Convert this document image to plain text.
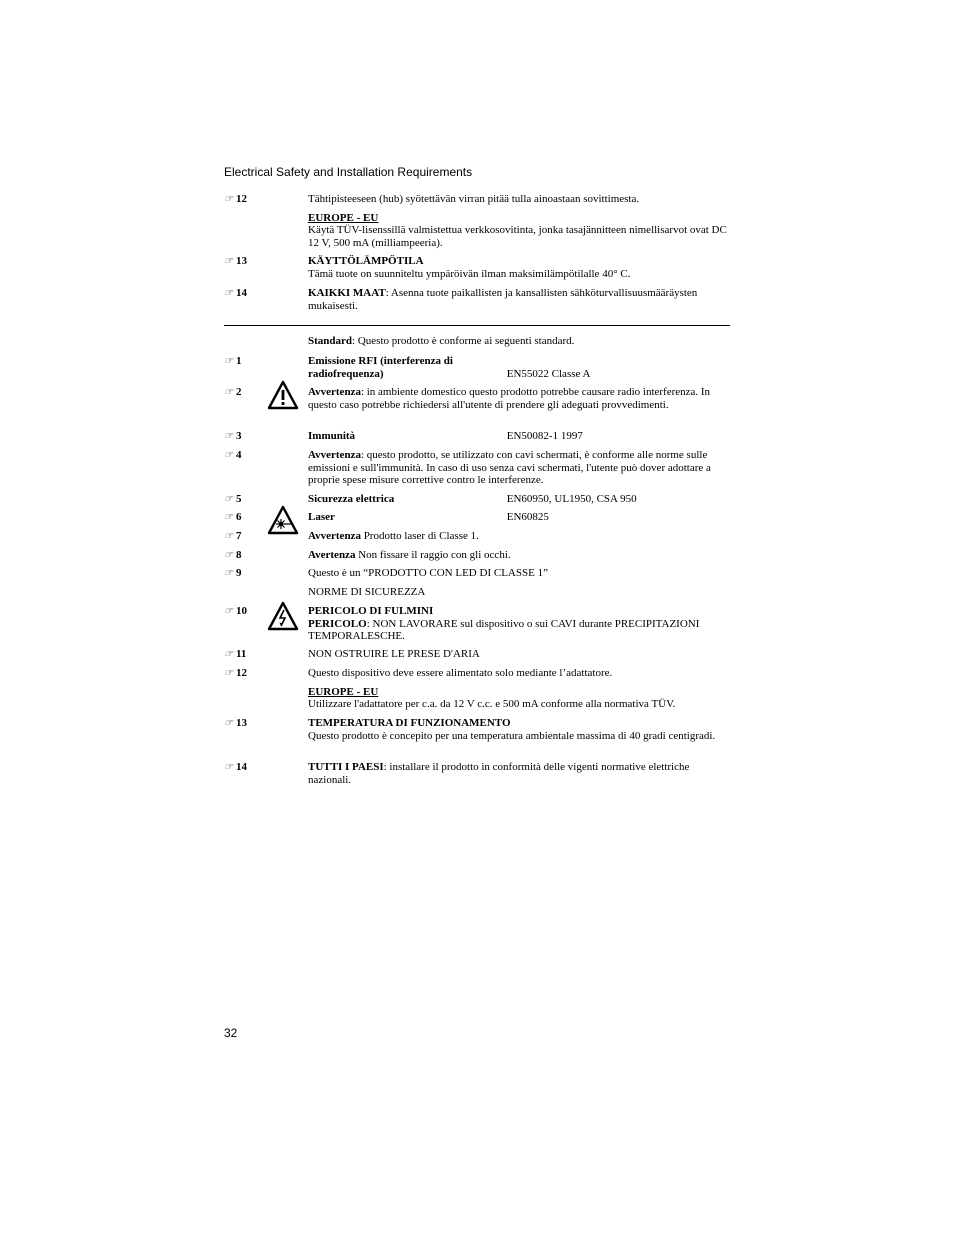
Electrical Safety and Installation Requirements
☞ 12	Tähtipisteeseen (hub) syötettävän virran pitää tulla ainoastaan sovittimesta.
EUROPE - EU
Käytä TÜV-lisenssillä valmistettua verkkosovitinta, jonka tasajännitteen nimellisarvot ovat DC 12 V, 500 mA (milliampeeria).
☞ 13	KÄYTTÖLÄMPÖTILA
Tämä tuote on suunniteltu ympäröivän ilman maksimilämpötilalle 40° C.
☞ 14	KAIKKI MAAT: Asenna tuote paikallisten ja kansallisten sähköturvallisuusmääräysten mukaisesti.
Standard: Questo prodotto è conforme ai seguenti standard.
☞ 1	Emissione RFI (interferenza di radiofrequenza)	EN55022 Classe A
☞ 2	Avvertenza: in ambiente domestico questo prodotto potrebbe causare radio interferenza. In questo caso potrebbe richiedersi all'utente di prendere gli adeguati provvedimenti.
☞ 3	Immunità	EN50082-1 1997
☞ 4	Avvertenza: questo prodotto, se utilizzato con cavi schermati, è conforme alle norme sulle emissioni e sull'immunità. In caso di uso senza cavi schermati, l'utente può dover adottare a proprie spese misure correttive contro le interferenze.
☞ 5	Sicurezza elettrica	EN60950, UL1950, CSA 950
☞ 6	Laser	EN60825
☞ 7	Avvertenza Prodotto laser di Classe 1.
☞ 8	Avertenza Non fissare il raggio con gli occhi.
☞ 9	Questo è un “PRODOTTO CON LED DI CLASSE 1”
NORME DI SICUREZZA
☞ 10	PERICOLO DI FULMINI
PERICOLO: NON LAVORARE sul dispositivo o sui CAVI durante PRECIPITAZIONI TEMPORALESCHE.
☞ 11	NON OSTRUIRE LE PRESE D'ARIA
☞ 12	Questo dispositivo deve essere alimentato solo mediante l’adattatore.
EUROPE - EU
Utilizzare l'adattatore per c.a. da 12 V c.c. e 500 mA conforme alla normativa TÜV.
☞ 13	TEMPERATURA DI FUNZIONAMENTO
Questo prodotto è concepito per una temperatura ambientale massima di 40 gradi centigradi.
☞ 14	TUTTI I PAESI: installare il prodotto in conformità delle vigenti normative elettriche nazionali.
32
